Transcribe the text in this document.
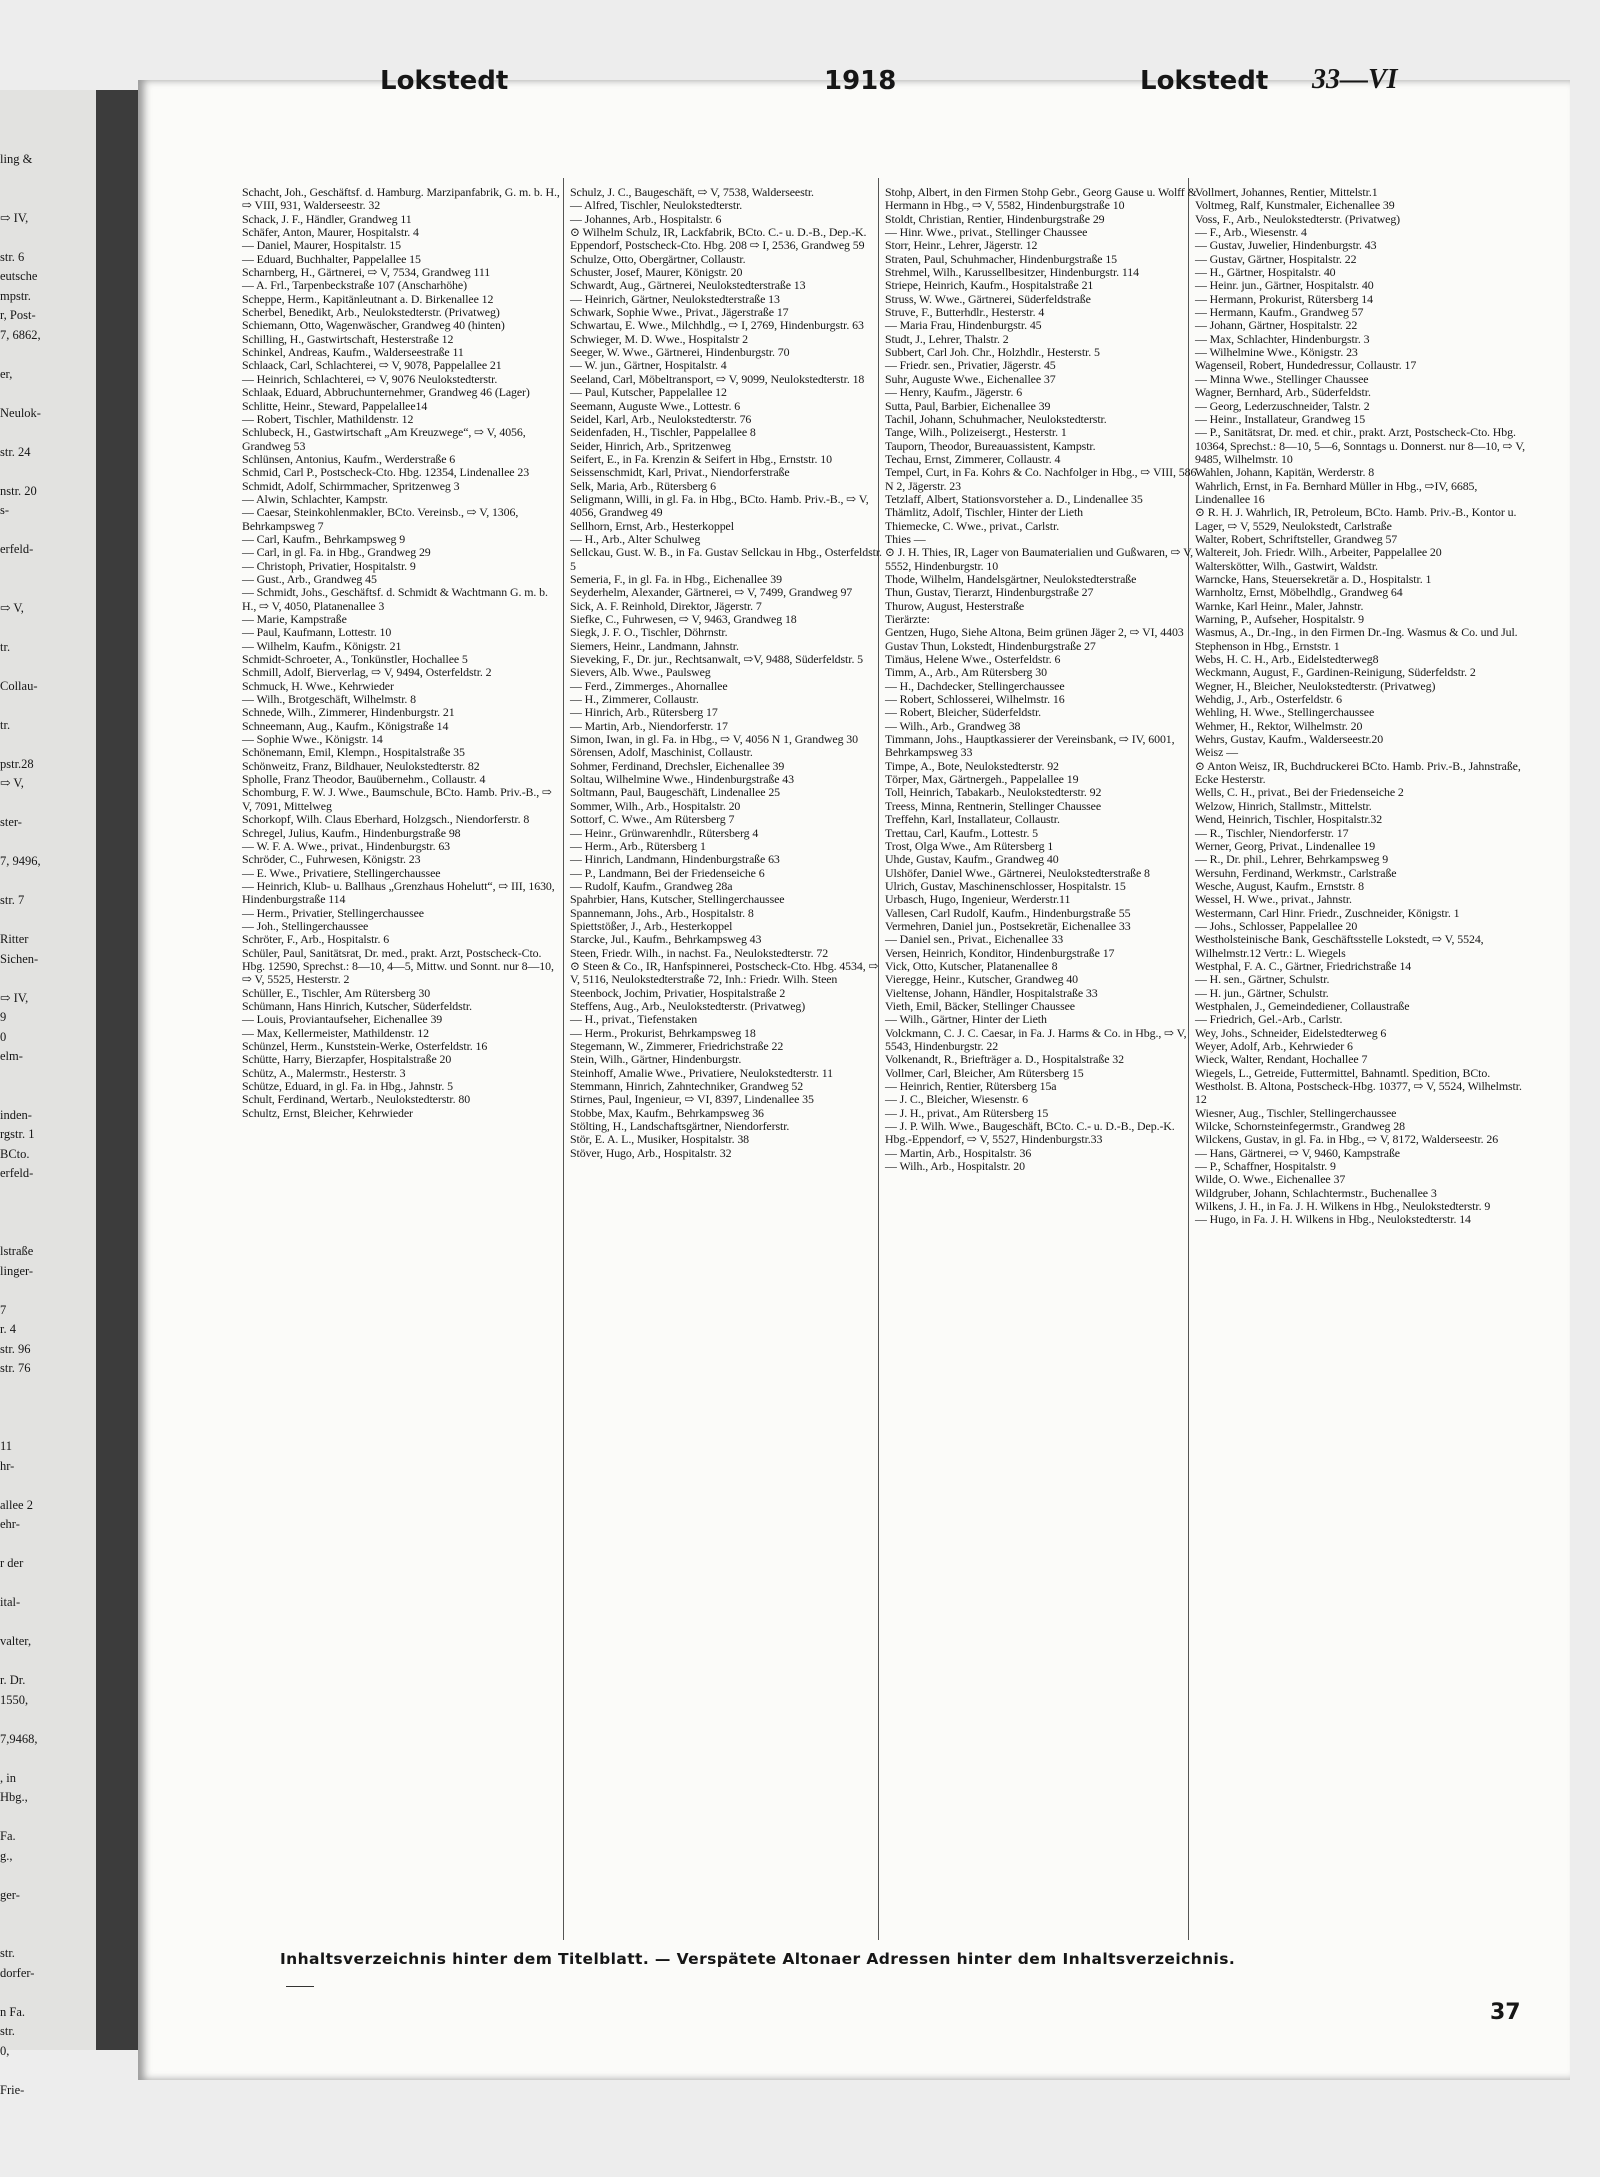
ling &
⇨ IV,
str. 6
eutsche
mpstr.
r, Post-
7, 6862,
er,
Neulok-
str. 24
nstr. 20
s-
erfeld-
⇨ V,
tr.
Collau-
tr.
pstr.28
⇨ V,
ster-
7, 9496,
str. 7
Ritter
Sichen-
⇨ IV,
9
0
elm-
inden-
rgstr. 1
BCto.
erfeld-
lstraße
linger-
7
r. 4
str. 96
str. 76
11
hr-
allee 2
ehr-
r der
ital-
valter,
r. Dr.
1550,
7,9468,
, in
Hbg.,
Fa.
g.,
ger-
str.
dorfer-
n Fa.
str.
0,
Frie-
Lokstedt	1918	Lokstedt 33—VI
Schacht, Joh., Geschäftsf. d. Hamburg. Marzipanfabrik, G. m. b. H., ⇨ VIII, 931, Walderseestr. 32
Schack, J. F., Händler, Grandweg 11
Schäfer, Anton, Maurer, Hospitalstr. 4
— Daniel, Maurer, Hospitalstr. 15
— Eduard, Buchhalter, Pappelallee 15
Scharnberg, H., Gärtnerei, ⇨ V, 7534, Grandweg 111
— A. Frl., Tarpenbeckstraße 107 (Anscharhöhe)
Scheppe, Herm., Kapitänleutnant a. D. Birkenallee 12
Scherbel, Benedikt, Arb., Neulokstedterstr. (Privatweg)
Schiemann, Otto, Wagenwäscher, Grandweg 40 (hinten)
Schilling, H., Gastwirtschaft, Hesterstraße 12
Schinkel, Andreas, Kaufm., Walderseestraße 11
Schlaack, Carl, Schlachterei, ⇨ V, 9078, Pappelallee 21
— Heinrich, Schlachterei, ⇨ V, 9076 Neulokstedterstr.
Schlaak, Eduard, Abbruchunternehmer, Grandweg 46 (Lager)
Schlitte, Heinr., Steward, Pappelallee14
— Robert, Tischler, Mathildenstr. 12
Schlubeck, H., Gastwirtschaft „Am Kreuzwege“, ⇨ V, 4056, Grandweg 53
Schlünsen, Antonius, Kaufm., Werderstraße 6
Schmid, Carl P., Postscheck-Cto. Hbg. 12354, Lindenallee 23
Schmidt, Adolf, Schirmmacher, Spritzenweg 3
— Alwin, Schlachter, Kampstr.
— Caesar, Steinkohlenmakler, BCto. Vereinsb., ⇨ V, 1306, Behrkampsweg 7
— Carl, Kaufm., Behrkampsweg 9
— Carl, in gl. Fa. in Hbg., Grandweg 29
— Christoph, Privatier, Hospitalstr. 9
— Gust., Arb., Grandweg 45
— Schmidt, Johs., Geschäftsf. d. Schmidt & Wachtmann G. m. b. H., ⇨ V, 4050, Platanenallee 3
— Marie, Kampstraße
— Paul, Kaufmann, Lottestr. 10
— Wilhelm, Kaufm., Königstr. 21
Schmidt-Schroeter, A., Tonkünstler, Hochallee 5
Schmill, Adolf, Bierverlag, ⇨ V, 9494, Osterfeldstr. 2
Schmuck, H. Wwe., Kehrwieder
— Wilh., Brotgeschäft, Wilhelmstr. 8
Schnede, Wilh., Zimmerer, Hindenburgstr. 21
Schneemann, Aug., Kaufm., Königstraße 14
— Sophie Wwe., Königstr. 14
Schönemann, Emil, Klempn., Hospitalstraße 35
Schönweitz, Franz, Bildhauer, Neulokstedterstr. 82
Spholle, Franz Theodor, Bauübernehm., Collaustr. 4
Schomburg, F. W. J. Wwe., Baumschule, BCto. Hamb. Priv.-B., ⇨ V, 7091, Mittelweg
Schorkopf, Wilh. Claus Eberhard, Holzgsch., Niendorferstr. 8
Schregel, Julius, Kaufm., Hindenburgstraße 98
— W. F. A. Wwe., privat., Hindenburgstr. 63
Schröder, C., Fuhrwesen, Königstr. 23
— E. Wwe., Privatiere, Stellingerchaussee
— Heinrich, Klub- u. Ballhaus „Grenzhaus Hohelutt“, ⇨ III, 1630, Hindenburgstraße 114
— Herm., Privatier, Stellingerchaussee
— Joh., Stellingerchaussee
Schröter, F., Arb., Hospitalstr. 6
Schüler, Paul, Sanitätsrat, Dr. med., prakt. Arzt, Postscheck-Cto. Hbg. 12590, Sprechst.: 8—10, 4—5, Mittw. und Sonnt. nur 8—10, ⇨ V, 5525, Hesterstr. 2
Schüller, E., Tischler, Am Rütersberg 30
Schümann, Hans Hinrich, Kutscher, Süderfeldstr.
— Louis, Proviantaufseher, Eichenallee 39
— Max, Kellermeister, Mathildenstr. 12
Schünzel, Herm., Kunststein-Werke, Osterfeldstr. 16
Schütte, Harry, Bierzapfer, Hospitalstraße 20
Schütz, A., Malermstr., Hesterstr. 3
Schütze, Eduard, in gl. Fa. in Hbg., Jahnstr. 5
Schult, Ferdinand, Wertarb., Neulokstedterstr. 80
Schultz, Ernst, Bleicher, Kehrwieder
Schulz, J. C., Baugeschäft, ⇨ V, 7538, Walderseestr.
— Alfred, Tischler, Neulokstedterstr.
— Johannes, Arb., Hospitalstr. 6
⊙ Wilhelm Schulz, IR, Lackfabrik, BCto. C.- u. D.-B., Dep.-K. Eppendorf, Postscheck-Cto. Hbg. 208 ⇨ I, 2536, Grandweg 59
Schulze, Otto, Obergärtner, Collaustr.
Schuster, Josef, Maurer, Königstr. 20
Schwardt, Aug., Gärtnerei, Neulokstedterstraße 13
— Heinrich, Gärtner, Neulokstedterstraße 13
Schwark, Sophie Wwe., Privat., Jägerstraße 17
Schwartau, E. Wwe., Milchhdlg., ⇨ I, 2769, Hindenburgstr. 63
Schwieger, M. D. Wwe., Hospitalstr 2
Seeger, W. Wwe., Gärtnerei, Hindenburgstr. 70
— W. jun., Gärtner, Hospitalstr. 4
Seeland, Carl, Möbeltransport, ⇨ V, 9099, Neulokstedterstr. 18
— Paul, Kutscher, Pappelallee 12
Seemann, Auguste Wwe., Lottestr. 6
Seidel, Karl, Arb., Neulokstedterstr. 76
Seidenfaden, H., Tischler, Pappelallee 8
Seider, Hinrich, Arb., Spritzenweg
Seifert, E., in Fa. Krenzin & Seifert in Hbg., Ernststr. 10
Seissenschmidt, Karl, Privat., Niendorferstraße
Selk, Maria, Arb., Rütersberg 6
Seligmann, Willi, in gl. Fa. in Hbg., BCto. Hamb. Priv.-B., ⇨ V, 4056, Grandweg 49
Sellhorn, Ernst, Arb., Hesterkoppel
— H., Arb., Alter Schulweg
Sellckau, Gust. W. B., in Fa. Gustav Sellckau in Hbg., Osterfeldstr. 5
Semeria, F., in gl. Fa. in Hbg., Eichenallee 39
Seyderhelm, Alexander, Gärtnerei, ⇨ V, 7499, Grandweg 97
Sick, A. F. Reinhold, Direktor, Jägerstr. 7
Siefke, C., Fuhrwesen, ⇨ V, 9463, Grandweg 18
Siegk, J. F. O., Tischler, Döhrnstr.
Siemers, Heinr., Landmann, Jahnstr.
Sieveking, F., Dr. jur., Rechtsanwalt, ⇨V, 9488, Süderfeldstr. 5
Sievers, Alb. Wwe., Paulsweg
— Ferd., Zimmerges., Ahornallee
— H., Zimmerer, Collaustr.
— Hinrich, Arb., Rütersberg 17
— Martin, Arb., Niendorferstr. 17
Simon, Iwan, in gl. Fa. in Hbg., ⇨ V, 4056 N 1, Grandweg 30
Sörensen, Adolf, Maschinist, Collaustr.
Sohmer, Ferdinand, Drechsler, Eichenallee 39
Soltau, Wilhelmine Wwe., Hindenburgstraße 43
Soltmann, Paul, Baugeschäft, Lindenallee 25
Sommer, Wilh., Arb., Hospitalstr. 20
Sottorf, C. Wwe., Am Rütersberg 7
— Heinr., Grünwarenhdlr., Rütersberg 4
— Herm., Arb., Rütersberg 1
— Hinrich, Landmann, Hindenburgstraße 63
— P., Landmann, Bei der Friedenseiche 6
— Rudolf, Kaufm., Grandweg 28a
Spahrbier, Hans, Kutscher, Stellingerchaussee
Spannemann, Johs., Arb., Hospitalstr. 8
Spiettstößer, J., Arb., Hesterkoppel
Starcke, Jul., Kaufm., Behrkampsweg 43
Steen, Friedr. Wilh., in nachst. Fa., Neulokstedterstr. 72
⊙ Steen & Co., IR, Hanfspinnerei, Postscheck-Cto. Hbg. 4534, ⇨ V, 5116, Neulokstedterstraße 72, Inh.: Friedr. Wilh. Steen
Steenbock, Jochim, Privatier, Hospitalstraße 2
Steffens, Aug., Arb., Neulokstedterstr. (Privatweg)
— H., privat., Tiefenstaken
— Herm., Prokurist, Behrkampsweg 18
Stegemann, W., Zimmerer, Friedrichstraße 22
Stein, Wilh., Gärtner, Hindenburgstr.
Steinhoff, Amalie Wwe., Privatiere, Neulokstedterstr. 11
Stemmann, Hinrich, Zahntechniker, Grandweg 52
Stirnes, Paul, Ingenieur, ⇨ VI, 8397, Lindenallee 35
Stobbe, Max, Kaufm., Behrkampsweg 36
Stölting, H., Landschaftsgärtner, Niendorferstr.
Stör, E. A. L., Musiker, Hospitalstr. 38
Stöver, Hugo, Arb., Hospitalstr. 32
Stohp, Albert, in den Firmen Stohp Gebr., Georg Gause u. Wolff & Hermann in Hbg., ⇨ V, 5582, Hindenburgstraße 10
Stoldt, Christian, Rentier, Hindenburgstraße 29
— Hinr. Wwe., privat., Stellinger Chaussee
Storr, Heinr., Lehrer, Jägerstr. 12
Straten, Paul, Schuhmacher, Hindenburgstraße 15
Strehmel, Wilh., Karussellbesitzer, Hindenburgstr. 114
Striepe, Heinrich, Kaufm., Hospitalstraße 21
Struss, W. Wwe., Gärtnerei, Süderfeldstraße
Struve, F., Butterhdlr., Hesterstr. 4
— Maria Frau, Hindenburgstr. 45
Studt, J., Lehrer, Thalstr. 2
Subbert, Carl Joh. Chr., Holzhdlr., Hesterstr. 5
— Friedr. sen., Privatier, Jägerstr. 45
Suhr, Auguste Wwe., Eichenallee 37
— Henry, Kaufm., Jägerstr. 6
Sutta, Paul, Barbier, Eichenallee 39
Tachil, Johann, Schuhmacher, Neulokstedterstr.
Tange, Wilh., Polizeisergt., Hesterstr. 1
Tauporn, Theodor, Bureauassistent, Kampstr.
Techau, Ernst, Zimmerer, Collaustr. 4
Tempel, Curt, in Fa. Kohrs & Co. Nachfolger in Hbg., ⇨ VIII, 586 N 2, Jägerstr. 23
Tetzlaff, Albert, Stationsvorsteher a. D., Lindenallee 35
Thämlitz, Adolf, Tischler, Hinter der Lieth
Thiemecke, C. Wwe., privat., Carlstr.
Thies —
⊙ J. H. Thies, IR, Lager von Baumaterialien und Gußwaren, ⇨ V, 5552, Hindenburgstr. 10
Thode, Wilhelm, Handelsgärtner, Neulokstedterstraße
Thun, Gustav, Tierarzt, Hindenburgstraße 27
Thurow, August, Hesterstraße
Tierärzte:
Gentzen, Hugo, Siehe Altona, Beim grünen Jäger 2, ⇨ VI, 4403
Gustav Thun, Lokstedt, Hindenburgstraße 27
Timäus, Helene Wwe., Osterfeldstr. 6
Timm, A., Arb., Am Rütersberg 30
— H., Dachdecker, Stellingerchaussee
— Robert, Schlosserei, Wilhelmstr. 16
— Robert, Bleicher, Süderfeldstr.
— Wilh., Arb., Grandweg 38
Timmann, Johs., Hauptkassierer der Vereinsbank, ⇨ IV, 6001, Behrkampsweg 33
Timpe, A., Bote, Neulokstedterstr. 92
Törper, Max, Gärtnergeh., Pappelallee 19
Toll, Heinrich, Tabakarb., Neulokstedterstr. 92
Treess, Minna, Rentnerin, Stellinger Chaussee
Treffehn, Karl, Installateur, Collaustr.
Trettau, Carl, Kaufm., Lottestr. 5
Trost, Olga Wwe., Am Rütersberg 1
Uhde, Gustav, Kaufm., Grandweg 40
Ulshöfer, Daniel Wwe., Gärtnerei, Neulokstedterstraße 8
Ulrich, Gustav, Maschinenschlosser, Hospitalstr. 15
Urbasch, Hugo, Ingenieur, Werderstr.11
Vallesen, Carl Rudolf, Kaufm., Hindenburgstraße 55
Vermehren, Daniel jun., Postsekretär, Eichenallee 33
— Daniel sen., Privat., Eichenallee 33
Versen, Heinrich, Konditor, Hindenburgstraße 17
Vick, Otto, Kutscher, Platanenallee 8
Vieregge, Heinr., Kutscher, Grandweg 40
Vieltense, Johann, Händler, Hospitalstraße 33
Vieth, Emil, Bäcker, Stellinger Chaussee
— Wilh., Gärtner, Hinter der Lieth
Volckmann, C. J. C. Caesar, in Fa. J. Harms & Co. in Hbg., ⇨ V, 5543, Hindenburgstr. 22
Volkenandt, R., Briefträger a. D., Hospitalstraße 32
Vollmer, Carl, Bleicher, Am Rütersberg 15
— Heinrich, Rentier, Rütersberg 15a
— J. C., Bleicher, Wiesenstr. 6
— J. H., privat., Am Rütersberg 15
— J. P. Wilh. Wwe., Baugeschäft, BCto. C.- u. D.-B., Dep.-K. Hbg.-Eppendorf, ⇨ V, 5527, Hindenburgstr.33
— Martin, Arb., Hospitalstr. 36
— Wilh., Arb., Hospitalstr. 20
Vollmert, Johannes, Rentier, Mittelstr.1
Voltmeg, Ralf, Kunstmaler, Eichenallee 39
Voss, F., Arb., Neulokstedterstr. (Privatweg)
— F., Arb., Wiesenstr. 4
— Gustav, Juwelier, Hindenburgstr. 43
— Gustav, Gärtner, Hospitalstr. 22
— H., Gärtner, Hospitalstr. 40
— Heinr. jun., Gärtner, Hospitalstr. 40
— Hermann, Prokurist, Rütersberg 14
— Hermann, Kaufm., Grandweg 57
— Johann, Gärtner, Hospitalstr. 22
— Max, Schlachter, Hindenburgstr. 3
— Wilhelmine Wwe., Königstr. 23
Wagenseil, Robert, Hundedressur, Collaustr. 17
— Minna Wwe., Stellinger Chaussee
Wagner, Bernhard, Arb., Süderfeldstr.
— Georg, Lederzuschneider, Talstr. 2
— Heinr., Installateur, Grandweg 15
— P., Sanitätsrat, Dr. med. et chir., prakt. Arzt, Postscheck-Cto. Hbg. 10364, Sprechst.: 8—10, 5—6, Sonntags u. Donnerst. nur 8—10, ⇨ V, 9485, Wilhelmstr. 10
Wahlen, Johann, Kapitän, Werderstr. 8
Wahrlich, Ernst, in Fa. Bernhard Müller in Hbg., ⇨IV, 6685, Lindenallee 16
⊙ R. H. J. Wahrlich, IR, Petroleum, BCto. Hamb. Priv.-B., Kontor u. Lager, ⇨ V, 5529, Neulokstedt, Carlstraße
Walter, Robert, Schriftsteller, Grandweg 57
Waltereit, Joh. Friedr. Wilh., Arbeiter, Pappelallee 20
Walterskötter, Wilh., Gastwirt, Waldstr.
Warncke, Hans, Steuersekretär a. D., Hospitalstr. 1
Warnholtz, Ernst, Möbelhdlg., Grandweg 64
Warnke, Karl Heinr., Maler, Jahnstr.
Warning, P., Aufseher, Hospitalstr. 9
Wasmus, A., Dr.-Ing., in den Firmen Dr.-Ing. Wasmus & Co. und Jul. Stephenson in Hbg., Ernststr. 1
Webs, H. C. H., Arb., Eidelstedterweg8
Weckmann, August, F., Gardinen-Reinigung, Süderfeldstr. 2
Wegner, H., Bleicher, Neulokstedterstr. (Privatweg)
Wehdig, J., Arb., Osterfeldstr. 6
Wehling, H. Wwe., Stellingerchaussee
Wehmer, H., Rektor, Wilhelmstr. 20
Wehrs, Gustav, Kaufm., Walderseestr.20
Weisz —
⊙ Anton Weisz, IR, Buchdruckerei BCto. Hamb. Priv.-B., Jahnstraße, Ecke Hesterstr.
Wells, C. H., privat., Bei der Friedenseiche 2
Welzow, Hinrich, Stallmstr., Mittelstr.
Wend, Heinrich, Tischler, Hospitalstr.32
— R., Tischler, Niendorferstr. 17
Werner, Georg, Privat., Lindenallee 19
— R., Dr. phil., Lehrer, Behrkampsweg 9
Wersuhn, Ferdinand, Werkmstr., Carlstraße
Wesche, August, Kaufm., Ernststr. 8
Wessel, H. Wwe., privat., Jahnstr.
Westermann, Carl Hinr. Friedr., Zuschneider, Königstr. 1
— Johs., Schlosser, Pappelallee 20
Westholsteinische Bank, Geschäftsstelle Lokstedt, ⇨ V, 5524, Wilhelmstr.12 Vertr.: L. Wiegels
Westphal, F. A. C., Gärtner, Friedrichstraße 14
— H. sen., Gärtner, Schulstr.
— H. jun., Gärtner, Schulstr.
Westphalen, J., Gemeindediener, Collaustraße
— Friedrich, Gel.-Arb., Carlstr.
Wey, Johs., Schneider, Eidelstedterweg 6
Weyer, Adolf, Arb., Kehrwieder 6
Wieck, Walter, Rendant, Hochallee 7
Wiegels, L., Getreide, Futtermittel, Bahnamtl. Spedition, BCto. Westholst. B. Altona, Postscheck-Hbg. 10377, ⇨ V, 5524, Wilhelmstr. 12
Wiesner, Aug., Tischler, Stellingerchaussee
Wilcke, Schornsteinfegermstr., Grandweg 28
Wilckens, Gustav, in gl. Fa. in Hbg., ⇨ V, 8172, Walderseestr. 26
— Hans, Gärtnerei, ⇨ V, 9460, Kampstraße
— P., Schaffner, Hospitalstr. 9
Wilde, O. Wwe., Eichenallee 37
Wildgruber, Johann, Schlachtermstr., Buchenallee 3
Wilkens, J. H., in Fa. J. H. Wilkens in Hbg., Neulokstedterstr. 9
— Hugo, in Fa. J. H. Wilkens in Hbg., Neulokstedterstr. 14
Inhaltsverzeichnis hinter dem Titelblatt. — Verspätete Altonaer Adressen hinter dem Inhaltsverzeichnis.
37
